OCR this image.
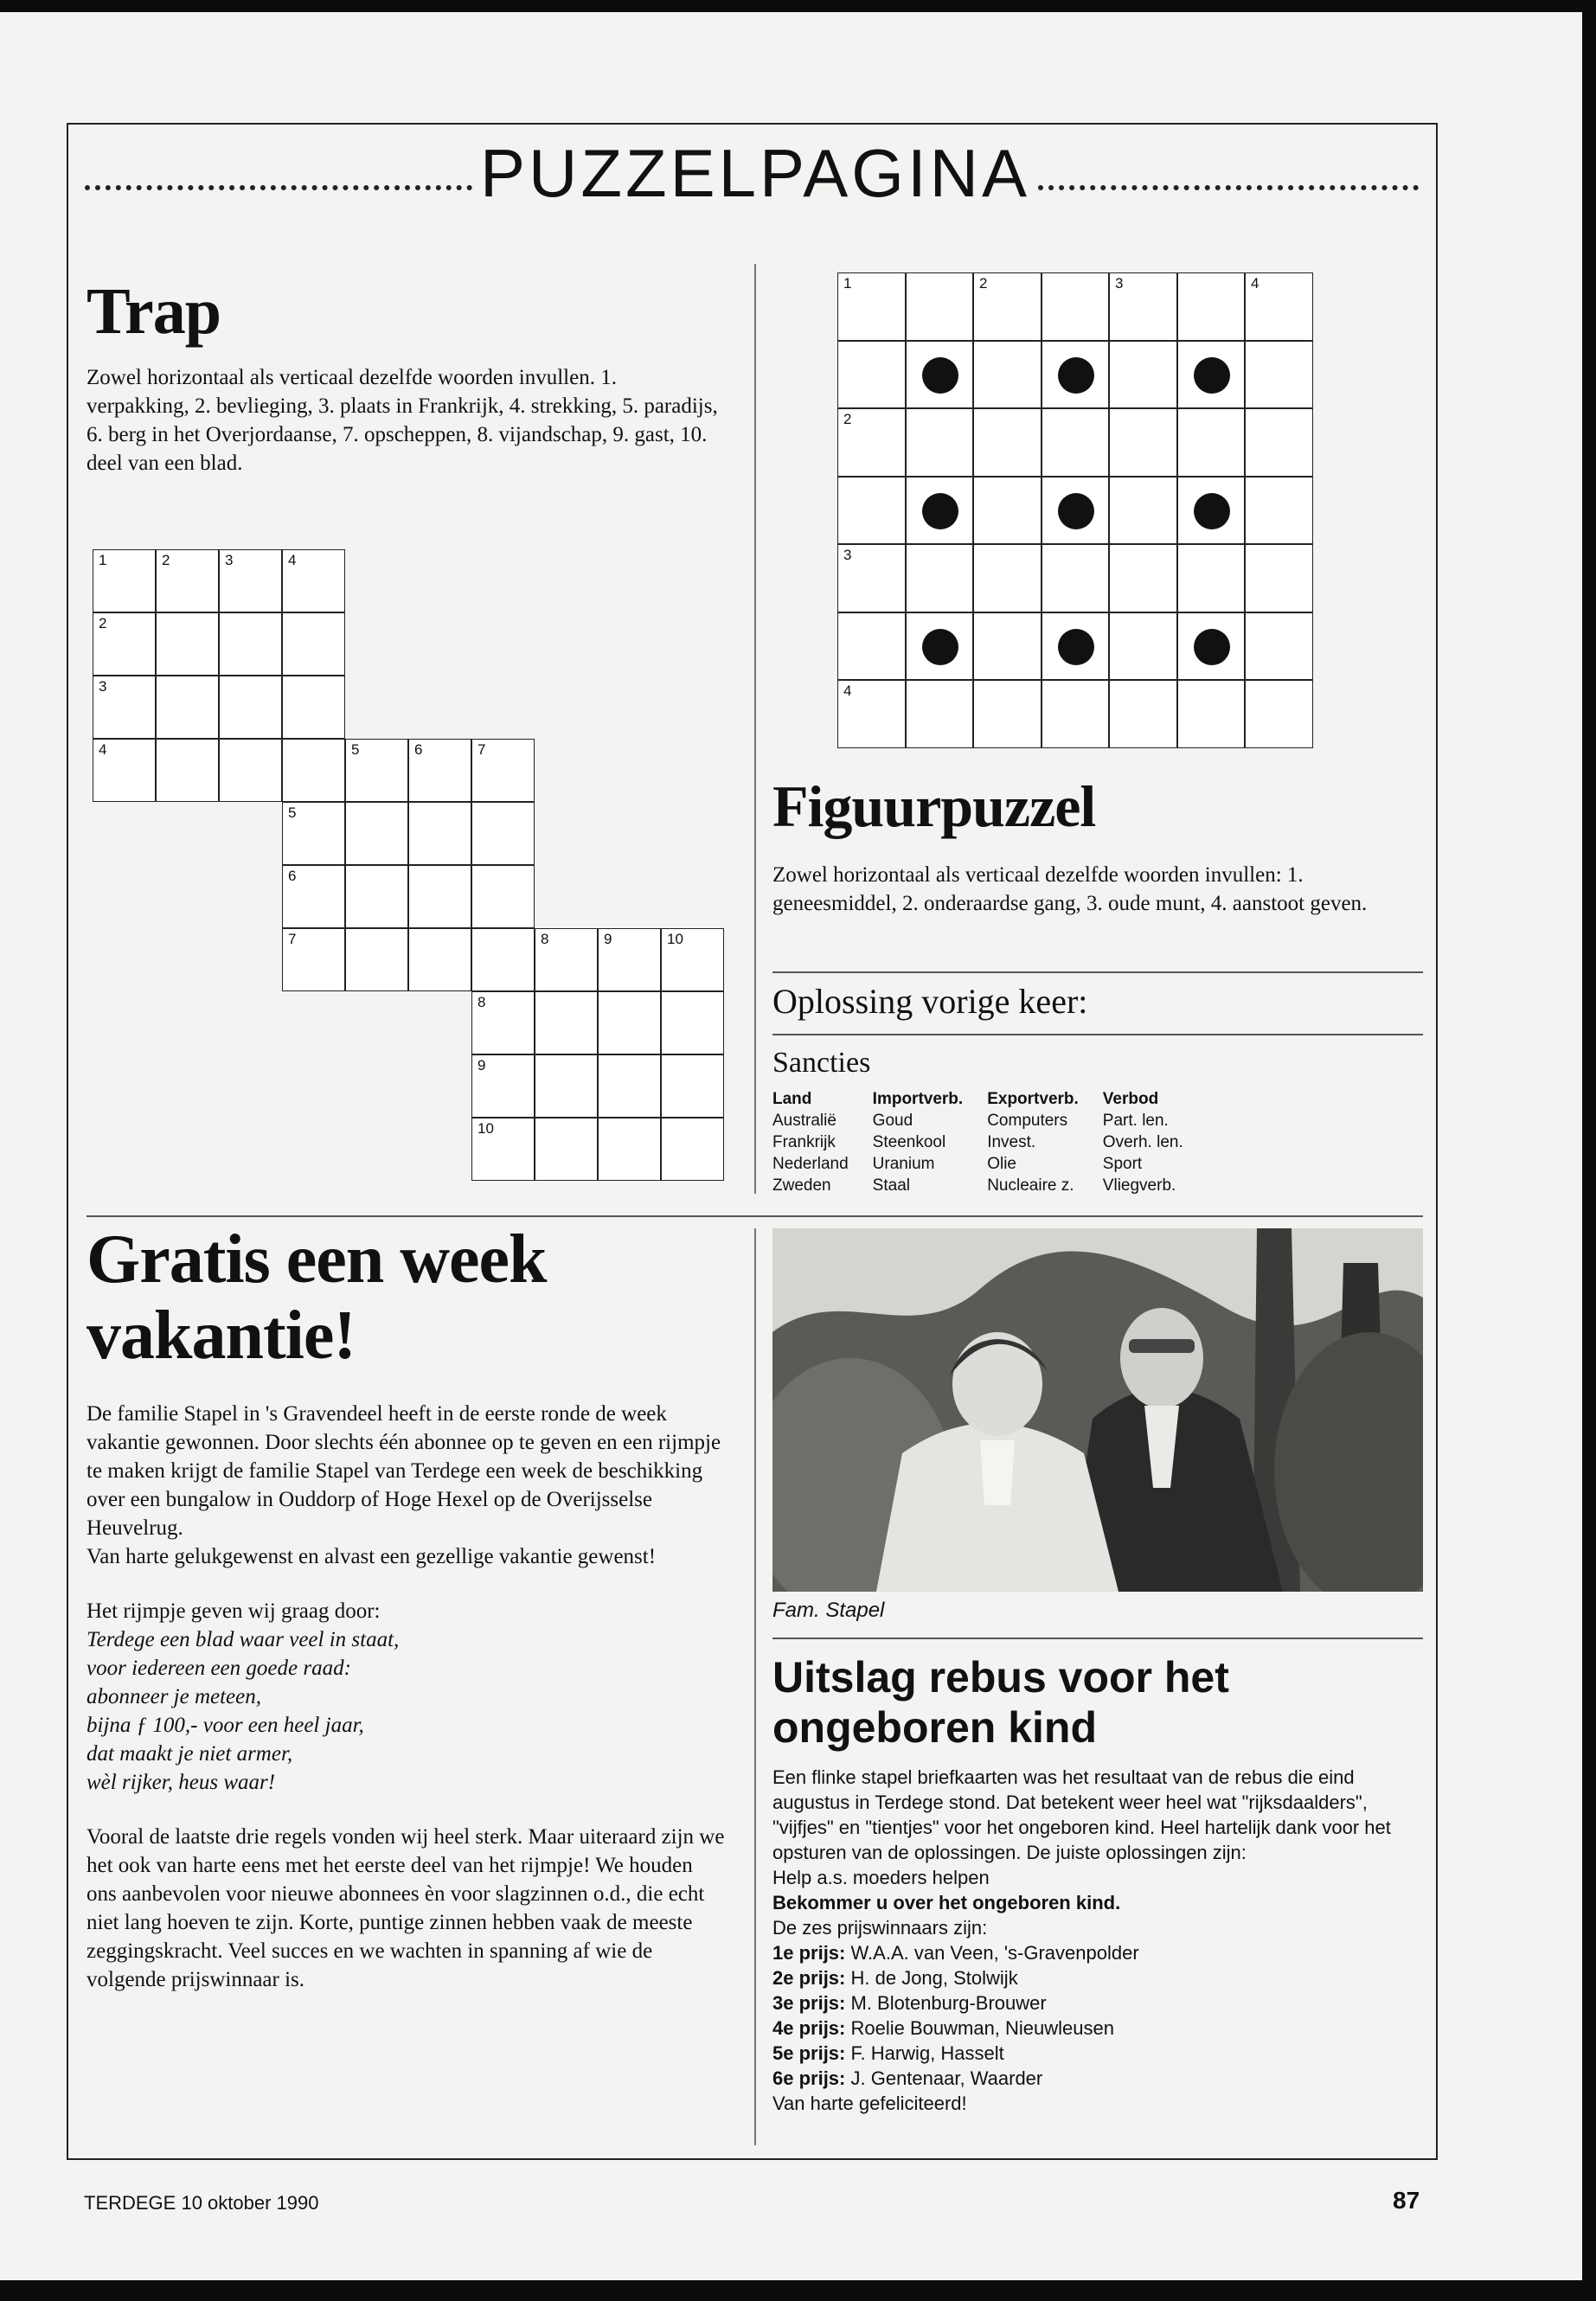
PUZZELPAGINA
Trap
Zowel horizontaal als verticaal dezelfde woorden invullen. 1. verpakking, 2. bevlieging, 3. plaats in Frankrijk, 4. strekking, 5. paradijs, 6. berg in het Overjordaanse, 7. opscheppen, 8. vijandschap, 9. gast, 10. deel van een blad.
1	2	3	4
2
3
4	5	6	7
5
6
7	8	9	10
8
9
10
1	2	3	4
2
3
4
Figuurpuzzel
Zowel horizontaal als verticaal dezelfde woorden invullen: 1. geneesmiddel, 2. onderaardse gang, 3. oude munt, 4. aanstoot geven.
Oplossing vorige keer:
Sancties
Land	Importverb.	Exportverb.	Verbod
Australië	Goud	Computers	Part. len.
Frankrijk	Steenkool	Invest.	Overh. len.
Nederland	Uranium	Olie	Sport
Zweden	Staal	Nucleaire z.	Vliegverb.
Gratis een week
vakantie!
De familie Stapel in 's Gravendeel heeft in de eerste ronde de week vakantie gewonnen. Door slechts één abonnee op te geven en een rijmpje te maken krijgt de familie Stapel van Terdege een week de beschikking over een bungalow in Ouddorp of Hoge Hexel op de Overijsselse Heuvelrug.
Van harte gelukgewenst en alvast een gezellige vakantie gewenst!
Het rijmpje geven wij graag door:
Terdege een blad waar veel in staat,
voor iedereen een goede raad:
abonneer je meteen,
bijna ƒ 100,- voor een heel jaar,
dat maakt je niet armer,
wèl rijker, heus waar!
Vooral de laatste drie regels vonden wij heel sterk. Maar uiteraard zijn we het ook van harte eens met het eerste deel van het rijmpje! We houden ons aanbevolen voor nieuwe abonnees èn voor slagzinnen o.d., die echt niet lang hoeven te zijn. Korte, puntige zinnen hebben vaak de meeste zeggingskracht. Veel succes en we wachten in spanning af wie de volgende prijswinnaar is.
Fam. Stapel
Uitslag rebus voor het
ongeboren kind
Een flinke stapel briefkaarten was het resultaat van de rebus die eind augustus in Terdege stond. Dat betekent weer heel wat "rijksdaalders", "vijfjes" en "tientjes" voor het ongeboren kind. Heel hartelijk dank voor het opsturen van de oplossingen. De juiste oplossingen zijn:
Help a.s. moeders helpen
Bekommer u over het ongeboren kind.
De zes prijswinnaars zijn:
1e prijs: W.A.A. van Veen, 's-Gravenpolder
2e prijs: H. de Jong, Stolwijk
3e prijs: M. Blotenburg-Brouwer
4e prijs: Roelie Bouwman, Nieuwleusen
5e prijs: F. Harwig, Hasselt
6e prijs: J. Gentenaar, Waarder
Van harte gefeliciteerd!
TERDEGE 10 oktober 1990	87
